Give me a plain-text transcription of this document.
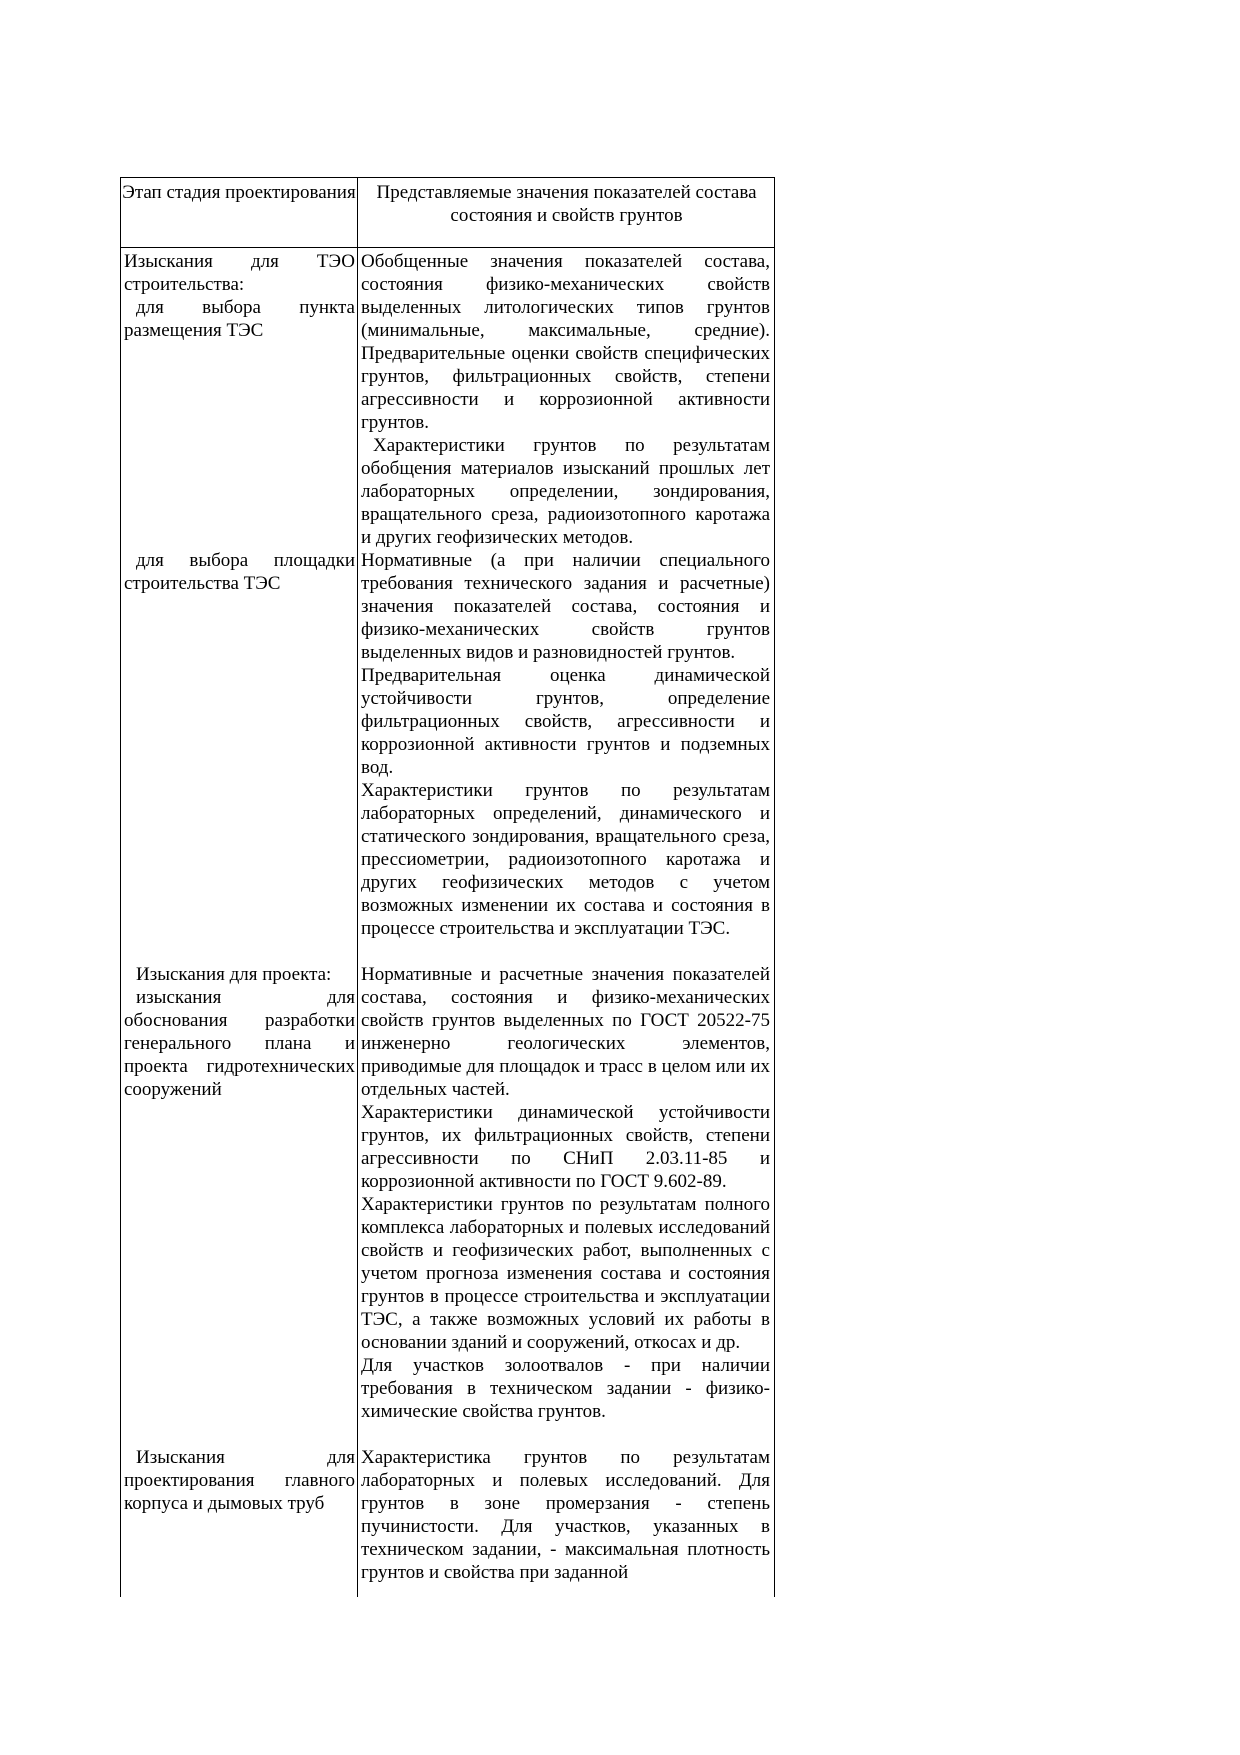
Этап стадия проектирования	Представляемые значения показателей состава состояния и свойств грунтов

Изыскания для ТЭО строительства:

для выбора пункта размещения ТЭС

для выбора площадки строительства ТЭС

Изыскания для проекта:

изыскания для обоснования разработки генерального плана и проекта гидротехнических сооружений

Изыскания для проектирования главного корпуса и дымовых труб

Обобщенные значения показателей состава, состояния физико-механических свойств выделенных литологических типов грунтов (минимальные, максимальные, средние). Предварительные оценки свойств специфических грунтов, фильтрационных свойств, степени агрессивности и коррозионной активности грунтов.

Характеристики грунтов по результатам обобщения материалов изысканий прошлых лет лабораторных определении, зондирования, вращательного среза, радиоизотопного каротажа и других геофизических методов.

Нормативные (а при наличии специального требования технического задания и расчетные) значения показателей состава, состояния и физико-механических свойств грунтов выделенных видов и разновидностей грунтов.

Предварительная оценка динамической устойчивости грунтов, определение фильтрационных свойств, агрессивности и коррозионной активности грунтов и подземных вод.

Характеристики грунтов по результатам лабораторных определений, динамического и статического зондирования, вращательного среза, прессиометрии, радиоизотопного каротажа и других геофизических методов с учетом возможных изменении их состава и состояния в процессе строительства и эксплуатации ТЭС.

Нормативные и расчетные значения показателей состава, состояния и физико-механических свойств грунтов выделенных по ГОСТ 20522-75 инженерно геологических элементов, приводимые для площадок и трасс в целом или их отдельных частей.

Характеристики динамической устойчивости грунтов, их фильтрационных свойств, степени агрессивности по СНиП 2.03.11-85 и коррозионной активности по ГОСТ 9.602-89.

Характеристики грунтов по результатам полного комплекса лабораторных и полевых исследований свойств и геофизических работ, выполненных с учетом прогноза изменения состава и состояния грунтов в процессе строительства и эксплуатации ТЭС, а также возможных условий их работы в основании зданий и сооружений, откосах и др.

Для участков золоотвалов - при наличии требования в техническом задании - физико-химические свойства грунтов.

Характеристика грунтов по результатам лабораторных и полевых исследований. Для грунтов в зоне промерзания - степень пучинистости. Для участков, указанных в техническом задании, - максимальная плотность грунтов и свойства при заданной
